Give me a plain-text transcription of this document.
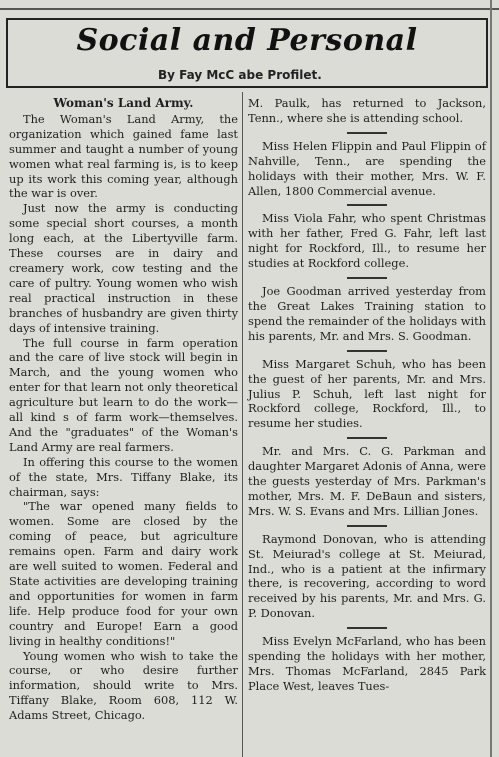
Social and Personal
By Fay McC abe Profilet.
Woman's Land Army.

The Woman's Land Army, the organization which gained fame last summer and taught a number of young women what real farming is, is to keep up its work this coming year, although the war is over.

Just now the army is conducting some special short courses, a month long each, at the Libertyville farm. These courses are in dairy and creamery work, cow testing and the care of pultry. Young women who wish real practical instruction in these branches of husbandry are given thirty days of intensive training.

The full course in farm operation and the care of live stock will begin in March, and the young women who enter for that learn not only theoretical agriculture but learn to do the work—all kind s of farm work—themselves. And the "graduates" of the Woman's Land Army are real farmers.

In offering this course to the women of the state, Mrs. Tiffany Blake, its chairman, says:

"The war opened many fields to women. Some are closed by the coming of peace, but agriculture remains open. Farm and dairy work are well suited to women. Federal and State activities are developing training and opportunities for women in farm life. Help produce food for your own country and Europe! Earn a good living in healthy conditions!"

Young women who wish to take the course, or who desire further information, should write to Mrs. Tiffany Blake, Room 608, 112 W. Adams Street, Chicago.

M. Paulk, has returned to Jackson, Tenn., where she is attending school.

Miss Helen Flippin and Paul Flippin of Nahville, Tenn., are spending the holidays with their mother, Mrs. W. F. Allen, 1800 Commercial avenue.

Miss Viola Fahr, who spent Christmas with her father, Fred G. Fahr, left last night for Rockford, Ill., to resume her studies at Rockford college.

Joe Goodman arrived yesterday from the Great Lakes Training station to spend the remainder of the holidays with his parents, Mr. and Mrs. S. Goodman.

Miss Margaret Schuh, who has been the guest of her parents, Mr. and Mrs. Julius P. Schuh, left last night for Rockford college, Rockford, Ill., to resume her studies.

Mr. and Mrs. C. G. Parkman and daughter Margaret Adonis of Anna, were the guests yesterday of Mrs. Parkman's mother, Mrs. M. F. DeBaun and sisters, Mrs. W. S. Evans and Mrs. Lillian Jones.

Raymond Donovan, who is attending St. Meiurad's college at St. Meiurad, Ind., who is a patient at the infirmary there, is recovering, according to word received by his parents, Mr. and Mrs. G. P. Donovan.

Miss Evelyn McFarland, who has been spending the holidays with her mother, Mrs. Thomas McFarland, 2845 Park Place West, leaves Tues-
